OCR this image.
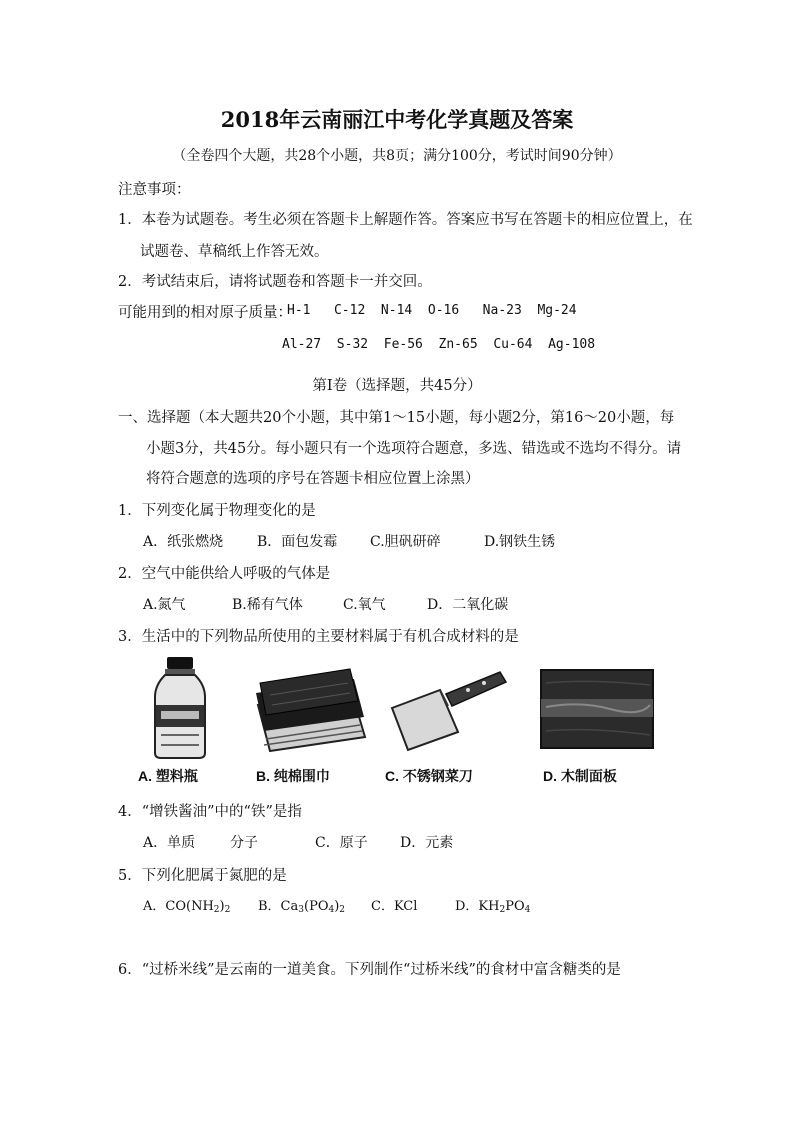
2018年云南丽江中考化学真题及答案
（全卷四个大题，共28个小题，共8页；满分100分，考试时间90分钟）
注意事项：
1．本卷为试题卷。考生必须在答题卡上解题作答。答案应书写在答题卡的相应位置上，在
试题卷、草稿纸上作答无效。
2．考试结束后，请将试题卷和答题卡一并交回。
可能用到的相对原子质量：
H-1   C-12  N-14  O-16   Na-23  Mg-24
Al-27  S-32  Fe-56  Zn-65  Cu-64  Ag-108
第Ⅰ卷（选择题，共45分）
一、选择题（本大题共20个小题，其中第1～15小题，每小题2分，第16～20小题，每
小题3分，共45分。每小题只有一个选项符合题意，多选、错选或不选均不得分。请
将符合题意的选项的序号在答题卡相应位置上涂黑）
1．下列变化属于物理变化的是
A．纸张燃烧 B．面包发霉 C.胆矾研碎	D.钢铁生锈
2．空气中能供给人呼吸的气体是
A.氮气	B.稀有气体	C.氧气	D．二氧化碳
3．生活中的下列物品所使用的主要材料属于有机合成材料的是
A. 塑料瓶	B. 纯棉围巾	C. 不锈钢菜刀	D. 木制面板
4．“增铁酱油”中的“铁”是指
A．单质 分子	C．原子 D．元素
5．下列化肥属于氮肥的是
A．$CO(NH_2)_2$ B．$Ca_3(PO_4)_2$ C．KCl	D．$KH_2PO_4$
6．“过桥米线”是云南的一道美食。下列制作“过桥米线”的食材中富含糖类的是
